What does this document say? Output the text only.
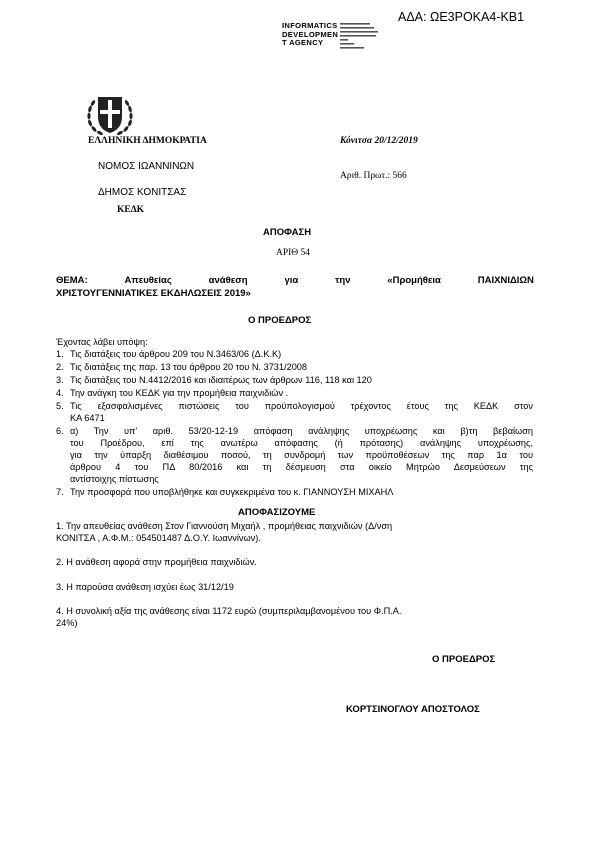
ΑΔΑ: ΩΕ3ΡΟΚΑ4-ΚΒ1
INFORMATICS
DEVELOPMEN
T AGENCY
ΕΛΛΗΝΙΚΗ ΔΗΜΟΚΡΑΤΙΑ
ΝΟΜΟΣ ΙΩΑΝΝΙΝΩΝ
ΔΗΜΟΣ ΚΟΝΙΤΣΑΣ
ΚΕΔΚ
Κόνιτσα 20/12/2019
Αριθ. Πρωτ.: 566
ΑΠΟΦΑΣΗ
ΑΡΙΘ 54
ΘΕΜΑ:	Απευθείας	ανάθεση	για	την	«Προμήθεια	ΠΑΙΧΝΙΔΙΩΝ
ΧΡΙΣΤΟΥΓΕΝΝΙΑΤΙΚΕΣ ΕΚΔΗΛΩΣΕΙΣ 2019»
Ο ΠΡΟΕΔΡΟΣ
Έχοντας λάβει υπόψη:
1. Τις διατάξεις του άρθρου 209 του Ν.3463/06 (Δ.Κ.Κ)
2. Τις διατάξεις της παρ. 13 του άρθρου 20 του Ν. 3731/2008
3. Τις διατάξεις του Ν.4412/2016 και ιδιαιτέρως των άρθρων 116, 118 και 120
4. Την ανάγκη του ΚΕΔΚ για την προμήθεια παιχνιδιών .
5. Τις εξασφαλισμένες πιστώσεις του προϋπολογισμού τρέχοντος έτους της ΚΕΔΚ στον
ΚΑ 6471
6. α) Την υπ' αριθ. 53/20-12-19 απόφαση ανάληψης υποχρέωσης και β)τη βεβαίωση
του Προέδρου, επί της ανωτέρω απόφασης (ή πρότασης) ανάληψης υποχρέωσης,
για την ύπαρξη διαθέσιμου ποσού, τη συνδρομή των προϋποθέσεων της παρ 1α του
άρθρου 4 του ΠΔ 80/2016 και τη δέσμευση στα οικείο Μητρώο Δεσμεύσεων της
αντίστοιχης πίστωσης
7. Την προσφορά που υποβλήθηκε και συγκεκριμένα του κ. ΓΙΑΝΝΟΥΣΗ ΜΙΧΑΗΛ
ΑΠΟΦΑΣΙΖΟΥΜΕ
1. Την απευθείας ανάθεση Στον Γιαννούση Μιχαήλ , προμήθειας παιχνιδιών (Δ/νση
ΚΟΝΙΤΣΑ , Α.Φ.Μ.: 054501487 Δ.Ο.Υ. Ιωαννίνων).
2. Η ανάθεση αφορά στην προμήθεια παιχνιδιών.
3. Η παρούσα ανάθεση ισχύει έως 31/12/19
4. Η συνολική αξία της ανάθεσης είναι 1172 ευρώ (συμπεριλαμβανομένου του Φ.Π.Α.
24%)
Ο ΠΡΟΕΔΡΟΣ
ΚΟΡΤΣΙΝΟΓΛΟΥ ΑΠΟΣΤΟΛΟΣ
